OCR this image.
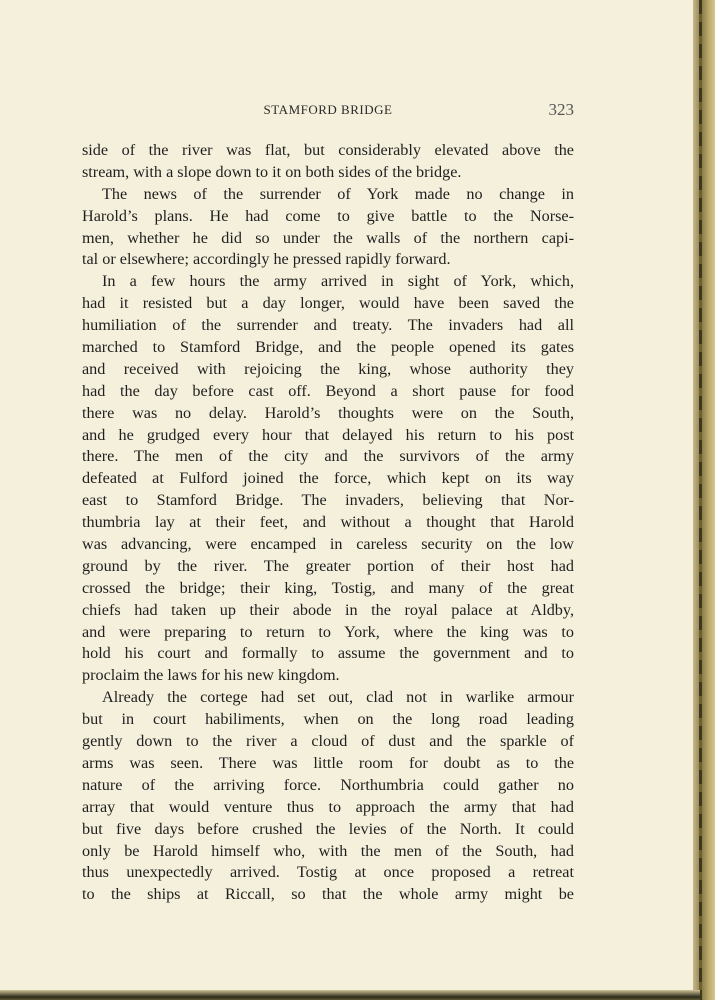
STAMFORD BRIDGE	323
side of the river was flat, but considerably elevated above the
stream, with a slope down to it on both sides of the bridge.
The news of the surrender of York made no change in
Harold’s plans. He had come to give battle to the Norse-
men, whether he did so under the walls of the northern capi-
tal or elsewhere; accordingly he pressed rapidly forward.
In a few hours the army arrived in sight of York, which,
had it resisted but a day longer, would have been saved the
humiliation of the surrender and treaty. The invaders had all
marched to Stamford Bridge, and the people opened its gates
and received with rejoicing the king, whose authority they
had the day before cast off. Beyond a short pause for food
there was no delay. Harold’s thoughts were on the South,
and he grudged every hour that delayed his return to his post
there. The men of the city and the survivors of the army
defeated at Fulford joined the force, which kept on its way
east to Stamford Bridge. The invaders, believing that Nor-
thumbria lay at their feet, and without a thought that Harold
was advancing, were encamped in careless security on the low
ground by the river. The greater portion of their host had
crossed the bridge; their king, Tostig, and many of the great
chiefs had taken up their abode in the royal palace at Aldby,
and were preparing to return to York, where the king was to
hold his court and formally to assume the government and to
proclaim the laws for his new kingdom.
Already the cortege had set out, clad not in warlike armour
but in court habiliments, when on the long road leading
gently down to the river a cloud of dust and the sparkle of
arms was seen. There was little room for doubt as to the
nature of the arriving force. Northumbria could gather no
array that would venture thus to approach the army that had
but five days before crushed the levies of the North. It could
only be Harold himself who, with the men of the South, had
thus unexpectedly arrived. Tostig at once proposed a retreat
to the ships at Riccall, so that the whole army might be
